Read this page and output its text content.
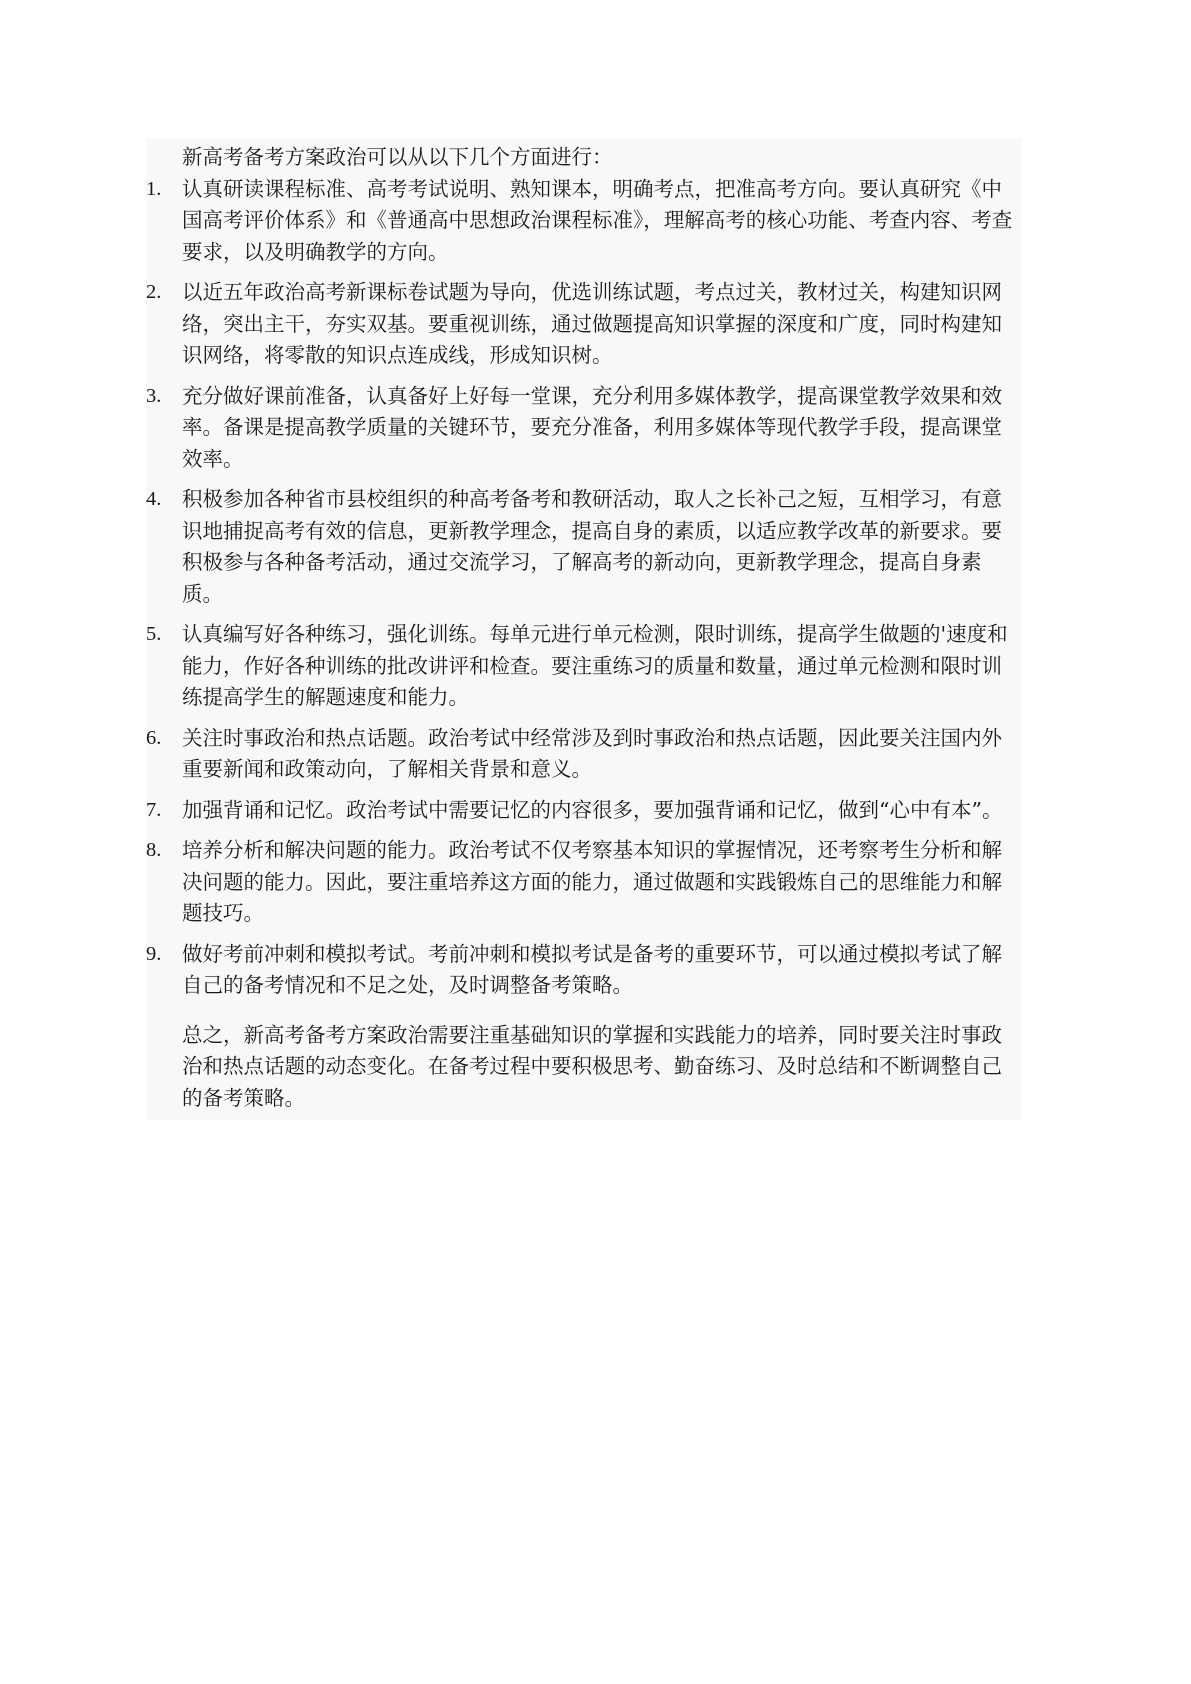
新高考备考方案政治可以从以下几个方面进行：

1. 认真研读课程标准、高考考试说明、熟知课本，明确考点，把准高考方向。要认真研究《中国高考评价体系》和《普通高中思想政治课程标准》，理解高考的核心功能、考查内容、考查要求，以及明确教学的方向。
2. 以近五年政治高考新课标卷试题为导向，优选训练试题，考点过关，教材过关，构建知识网络，突出主干，夯实双基。要重视训练，通过做题提高知识掌握的深度和广度，同时构建知识网络，将零散的知识点连成线，形成知识树。
3. 充分做好课前准备，认真备好上好每一堂课，充分利用多媒体教学，提高课堂教学效果和效率。备课是提高教学质量的关键环节，要充分准备，利用多媒体等现代教学手段，提高课堂效率。
4. 积极参加各种省市县校组织的种高考备考和教研活动，取人之长补己之短，互相学习，有意识地捕捉高考有效的信息，更新教学理念，提高自身的素质，以适应教学改革的新要求。要积极参与各种备考活动，通过交流学习，了解高考的新动向，更新教学理念，提高自身素质。
5. 认真编写好各种练习，强化训练。每单元进行单元检测，限时训练，提高学生做题的'速度和能力，作好各种训练的批改讲评和检查。要注重练习的质量和数量，通过单元检测和限时训练提高学生的解题速度和能力。
6. 关注时事政治和热点话题。政治考试中经常涉及到时事政治和热点话题，因此要关注国内外重要新闻和政策动向，了解相关背景和意义。
7. 加强背诵和记忆。政治考试中需要记忆的内容很多，要加强背诵和记忆，做到“心中有本”。
8. 培养分析和解决问题的能力。政治考试不仅考察基本知识的掌握情况，还考察考生分析和解决问题的能力。因此，要注重培养这方面的能力，通过做题和实践锻炼自己的思维能力和解题技巧。
9. 做好考前冲刺和模拟考试。考前冲刺和模拟考试是备考的重要环节，可以通过模拟考试了解自己的备考情况和不足之处，及时调整备考策略。

总之，新高考备考方案政治需要注重基础知识的掌握和实践能力的培养，同时要关注时事政治和热点话题的动态变化。在备考过程中要积极思考、勤奋练习、及时总结和不断调整自己的备考策略。
